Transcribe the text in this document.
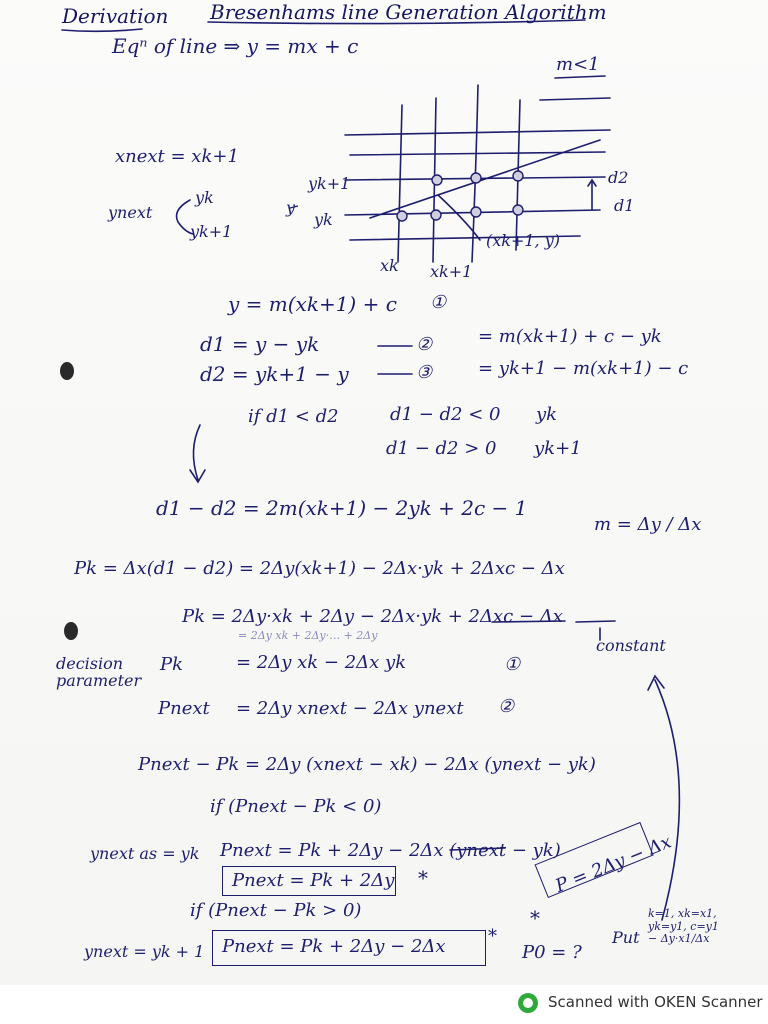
Derivation Bresenhams line Generation Algorithm
Eqⁿ of line ⇒ y = mx + c
m<1
xnext = xk+1
ynext
yk
yk+1
yk+1
y
yk
(xk+1, y)
xk xk+1
d2
d1
y = m(xk+1) + c ①
d1 = y − yk	②	= m(xk+1) + c − yk
d2 = yk+1 − y	③	= yk+1 − m(xk+1) − c
if d1 < d2	d1 − d2 < 0 yk
d1 − d2 > 0 yk+1
d1 − d2 = 2m(xk+1) − 2yk + 2c − 1
m = Δy / Δx
Pk = Δx(d1 − d2) = 2Δy(xk+1) − 2Δx·yk + 2Δxc − Δx
Pk = 2Δy·xk + 2Δy − 2Δx·yk + 2Δxc − Δx
= 2Δy xk + 2Δy·… + 2Δy
constant
decision parameter
Pk	= 2Δy xk − 2Δx yk	①
Pnext = 2Δy xnext − 2Δx ynext ②
Pnext − Pk = 2Δy (xnext − xk) − 2Δx (ynext − yk)
if (Pnext − Pk < 0)
ynext as = yk Pnext = Pk + 2Δy − 2Δx (ynext − yk)
Pnext = Pk + 2Δy *
if (Pnext − Pk > 0)
ynext = yk + 1 Pnext = Pk + 2Δy − 2Δx *
P = 2Δy − Δx
*
P0 = ?
Put
k=1, xk=x1, yk=y1, c=y1 − Δy·x1/Δx
Scanned with OKEN Scanner
